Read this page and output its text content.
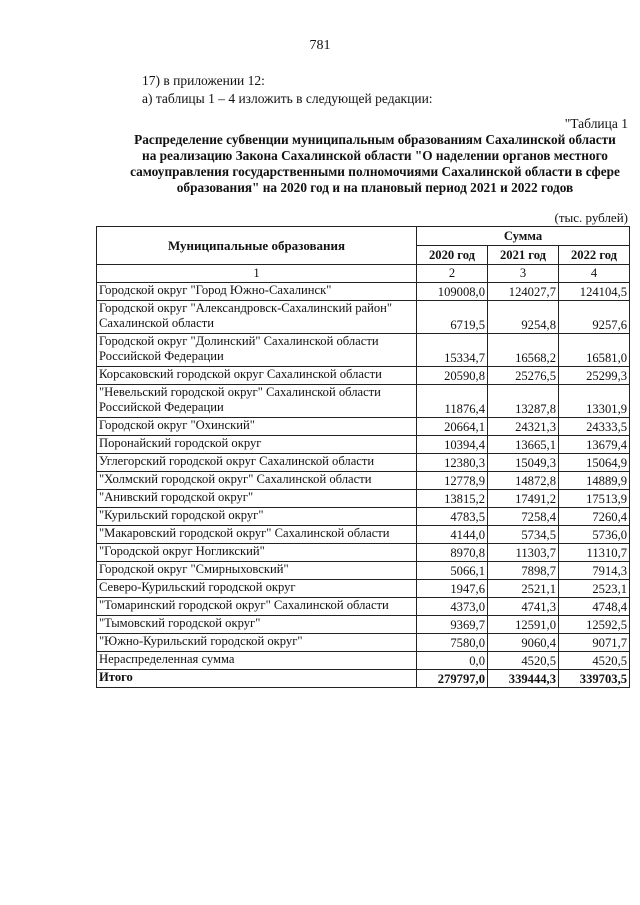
781
17) в приложении 12:
а) таблицы 1 – 4 изложить в следующей редакции:
"Таблица 1
Распределение субвенции муниципальным образованиям Сахалинской области
на реализацию Закона Сахалинской области "О наделении органов местного
самоуправления государственными полномочиями Сахалинской области в сфере
образования" на 2020 год и на плановый период 2021 и 2022 годов
(тыс. рублей)
Муниципальные образования	Сумма		
	2020 год	2021 год	2022 год
1	2	3	4

Городской округ "Город Южно-Сахалинск"	109008,0	124027,7	124104,5

Городской округ "Александровск-Сахалинский район"
Сахалинской области	6719,5	9254,8	9257,6

Городской округ "Долинский" Сахалинской области
Российской Федерации	15334,7	16568,2	16581,0

Корсаковский городской округ Сахалинской области	20590,8	25276,5	25299,3

"Невельский городской округ" Сахалинской области
Российской Федерации	11876,4	13287,8	13301,9

Городской округ "Охинский"	20664,1	24321,3	24333,5

Поронайский городской округ	10394,4	13665,1	13679,4

Углегорский городской округ Сахалинской области	12380,3	15049,3	15064,9

"Холмский городской округ" Сахалинской области	12778,9	14872,8	14889,9

"Анивский городской округ"	13815,2	17491,2	17513,9

"Курильский городской округ"	4783,5	7258,4	7260,4

"Макаровский городской округ" Сахалинской области	4144,0	5734,5	5736,0

"Городской округ Ногликский"	8970,8	11303,7	11310,7

Городской округ "Смирныховский"	5066,1	7898,7	7914,3

Северо-Курильский городской округ	1947,6	2521,1	2523,1

"Томаринский городской округ" Сахалинской области	4373,0	4741,3	4748,4

"Тымовский городской округ"	9369,7	12591,0	12592,5

"Южно-Курильский городской округ"	7580,0	9060,4	9071,7

Нераспределенная сумма	0,0	4520,5	4520,5
Итого	279797,0	339444,3	339703,5
